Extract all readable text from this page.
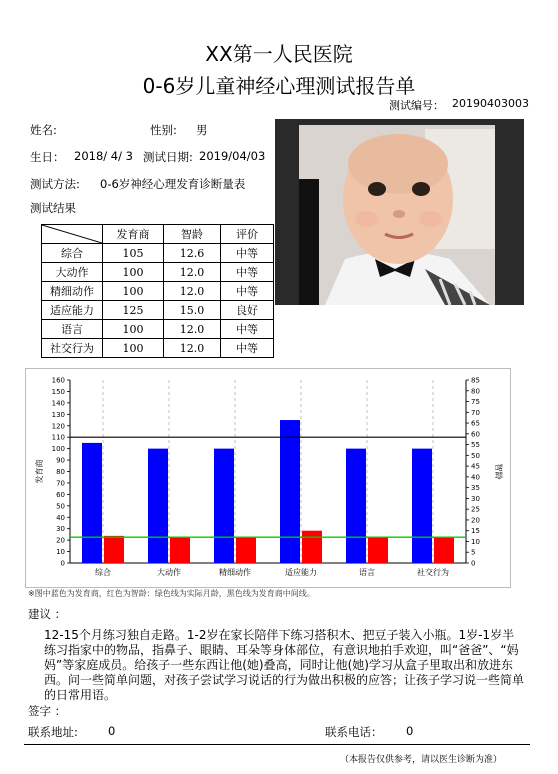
XX第一人民医院
0-6岁儿童神经心理测试报告单
测试编号： 20190403003
姓名:	性别: 男
生日： 2018/ 4/ 3 测试日期: 2019/04/03
测试方法: 0-6岁神经心理发育诊断量表
测试结果
	发育商	智龄	评价
综合	105	12.6	中等
大动作	100	12.0	中等
精细动作	100	12.0	中等
适应能力	125	15.0	良好
语言	100	12.0	中等
社交行为	100	12.0	中等
0
10
20
30
40
50
60
70
80
90
100
110
120
130
140
150
160
0
5
10
15
20
25
30
35
40
45
50
55
60
65
70
75
80
85
发育商	智龄
综合	大动作	精细动作	适应能力	语言	社交行为
※图中蓝色为发育商，红色为智龄：绿色线为实际月龄，黑色线为发育商中间线。
建议 ：
12-15个月练习独自走路。1-2岁在家长陪伴下练习搭积木、把豆子装入小瓶。1岁-1岁半练习指家中的物品，指鼻子、眼睛、耳朵等身体部位，有意识地拍手欢迎，叫“爸爸”、“妈妈”等家庭成员。给孩子一些东西让他(她)叠高，同时让他(她)学习从盒子里取出和放进东西。问一些简单问题，对孩子尝试学习说话的行为做出积极的应答；让孩子学习说一些简单的日常用语。
签字 ：
联系地址:	0	联系电话： 0
（本报告仅供参考，请以医生诊断为准）
